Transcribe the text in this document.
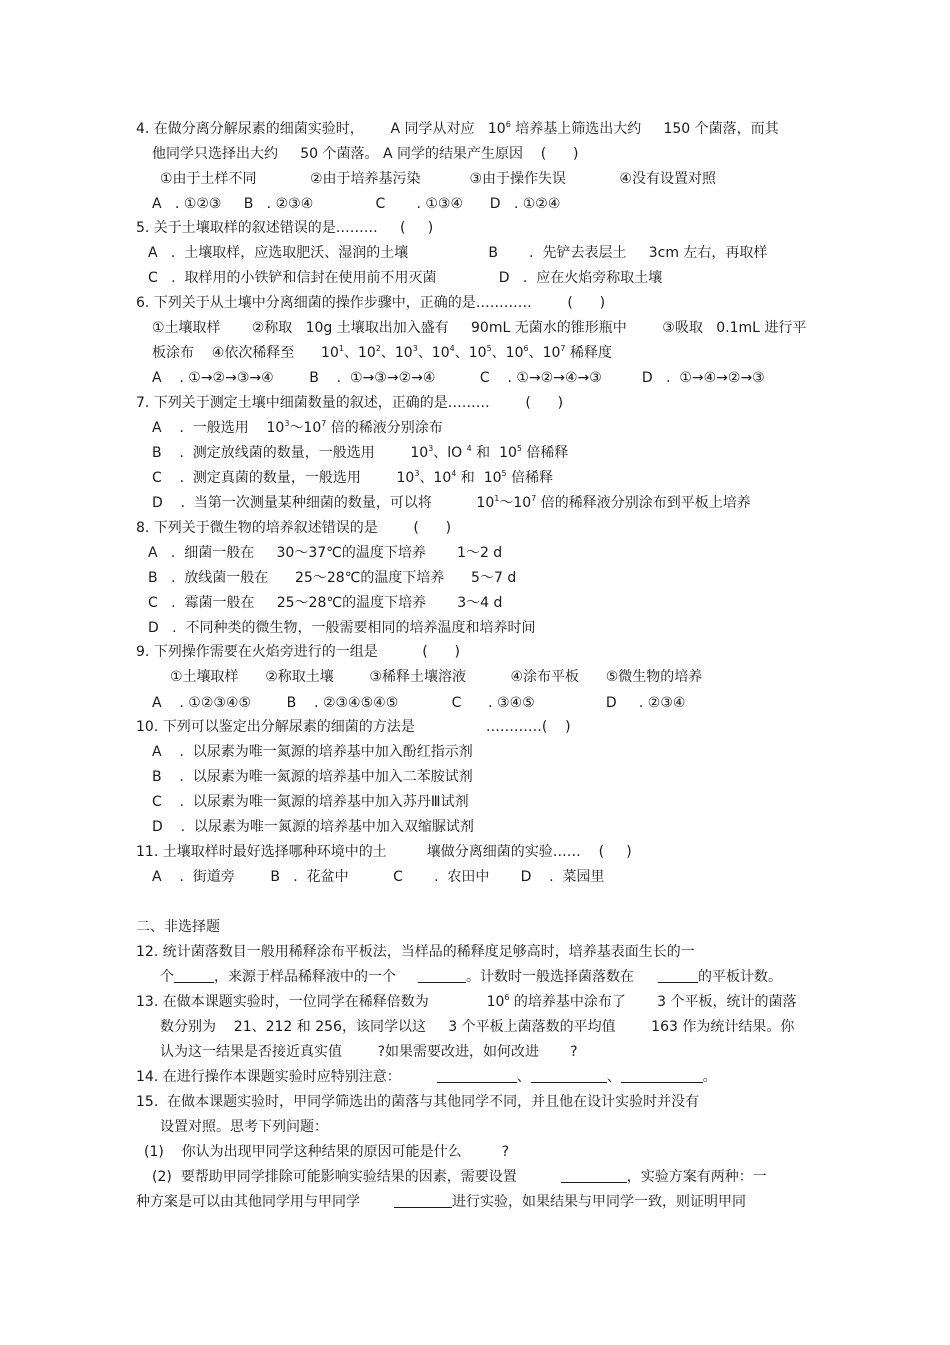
4. 在做分离分解尿素的细菌实验时，      A 同学从对应   $10^6$ 培养基上筛选出大约     150 个菌落，而其
他同学只选择出大约     50 个菌落。 A 同学的结果产生原因    (      )
①由于土样不同            ②由于培养基污染           ③由于操作失误            ④没有设置对照
A   . ①②③     B   . ②③④              C       . ①③④      D   . ①②④
5. 关于土壤取样的叙述错误的是………     (     )
A   .  土壤取样，应选取肥沃、湿润的土壤                  B       .  先铲去表层土     3cm 左右，再取样
C   .  取样用的小铁铲和信封在使用前不用灭菌              D   .  应在火焰旁称取土壤
6. 下列关于从土壤中分离细菌的操作步骤中，正确的是…………        (      )
①土壤取样       ②称取   10g 土壤取出加入盛有     90mL 无菌水的锥形瓶中        ③吸取   0.1mL 进行平
板涂布    ④依次稀释至      $10^1$、$10^2$、$10^3$、$10^4$、$10^5$、$10^6$、$10^7$ 稀释度
A    . ①→②→③→④        B    .  ①→③→②→④          C    . ①→②→④→③         D   .  ①→④→②→③
7. 下列关于测定土壤中细菌数量的叙述，正确的是………        (      )
A    .  一般选用    $10^3\sim 10^7$ 倍的稀液分别涂布
B    .  测定放线菌的数量，一般选用        $10^3$、lO $^4$ 和  $10^5$ 倍稀释
C    .  测定真菌的数量，一般选用        $10^3$、$10^4$ 和  $10^5$ 倍稀释
D    .  当第一次测量某种细菌的数量，可以将          $10^1\sim 10^7$ 倍的稀释液分别涂布到平板上培养
8. 下列关于微生物的培养叙述错误的是        (      )
A   .  细菌一般在     30～37℃的温度下培养       1～2 d
B   .  放线菌一般在      25～28℃的温度下培养      5～7 d
C   .  霉菌一般在     25～28℃的温度下培养       3～4 d
D   .  不同种类的微生物，一般需要相同的培养温度和培养时间
9. 下列操作需要在火焰旁进行的一组是          (      )
①土壤取样      ②称取土壤        ③稀释土壤溶液          ④涂布平板      ⑤微生物的培养
A    . ①②③④⑤        B    . ②③④⑤④⑤            C      . ③④⑤                D     . ②③④
10. 下列可以鉴定出分解尿素的细菌的方法是                …………(    )
A    .  以尿素为唯一氮源的培养基中加入酚红指示剂
B    .  以尿素为唯一氮源的培养基中加入二苯胺试剂
C    .  以尿素为唯一氮源的培养基中加入苏丹Ⅲ试剂
D    .  以尿素为唯一氮源的培养基中加入双缩脲试剂
11. 土壤取样时最好选择哪种环境中的土         壤做分离细菌的实验……    (     )
A    .  街道旁        B   .  花盆中          C       .  农田中       D    .  菜园里
二、非选择题
12. 统计菌落数目一般用稀释涂布平板法，当样品的稀释度足够高时，培养基表面生长的一
个	，来源于样品稀释液中的一个	。计数时一般选择菌落数在	的平板计数。
13. 在做本课题实验时，一位同学在稀释倍数为             $10^6$ 的培养基中涂布了       3 个平板，统计的菌落
数分别为    21、212 和 256，该同学以这     3 个平板上菌落数的平均值        163 作为统计结果。你
认为这一结果是否接近真实值        ?如果需要改进，如何改进       ?
14. 在进行操作本课题实验时应特别注意：	、	、	。
15.  在做本课题实验时，甲同学筛选出的菌落与其他同学不同，并且他在设计实验时并没有
设置对照。思考下列问题：
(1)    你认为出现甲同学这种结果的原因可能是什么         ?
(2)  要帮助甲同学排除可能影响实验结果的因素，需要设置	，实验方案有两种：一
种方案是可以由其他同学用与甲同学	进行实验，如果结果与甲同学一致，则证明甲同
